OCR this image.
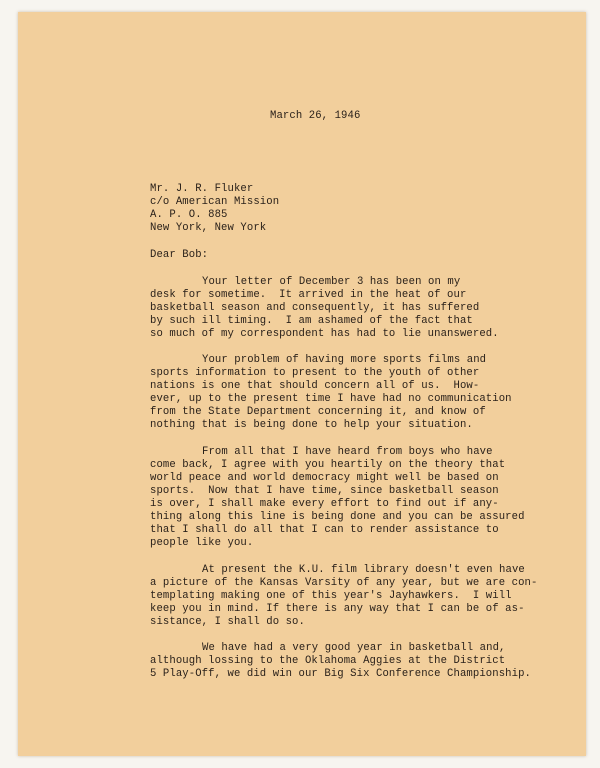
March 26, 1946
Mr. J. R. Fluker
c/o American Mission
A. P. O. 885
New York, New York
Dear Bob:
Your letter of December 3 has been on my
desk for sometime.  It arrived in the heat of our
basketball season and consequently, it has suffered
by such ill timing.  I am ashamed of the fact that
so much of my correspondent has had to lie unanswered.
Your problem of having more sports films and
sports information to present to the youth of other
nations is one that should concern all of us.  How-
ever, up to the present time I have had no communication
from the State Department concerning it, and know of
nothing that is being done to help your situation.
From all that I have heard from boys who have
come back, I agree with you heartily on the theory that
world peace and world democracy might well be based on
sports.  Now that I have time, since basketball season
is over, I shall make every effort to find out if any-
thing along this line is being done and you can be assured
that I shall do all that I can to render assistance to
people like you.
At present the K.U. film library doesn't even have
a picture of the Kansas Varsity of any year, but we are con-
templating making one of this year's Jayhawkers.  I will
keep you in mind. If there is any way that I can be of as-
sistance, I shall do so.
We have had a very good year in basketball and,
although lossing to the Oklahoma Aggies at the District
5 Play-Off, we did win our Big Six Conference Championship.
